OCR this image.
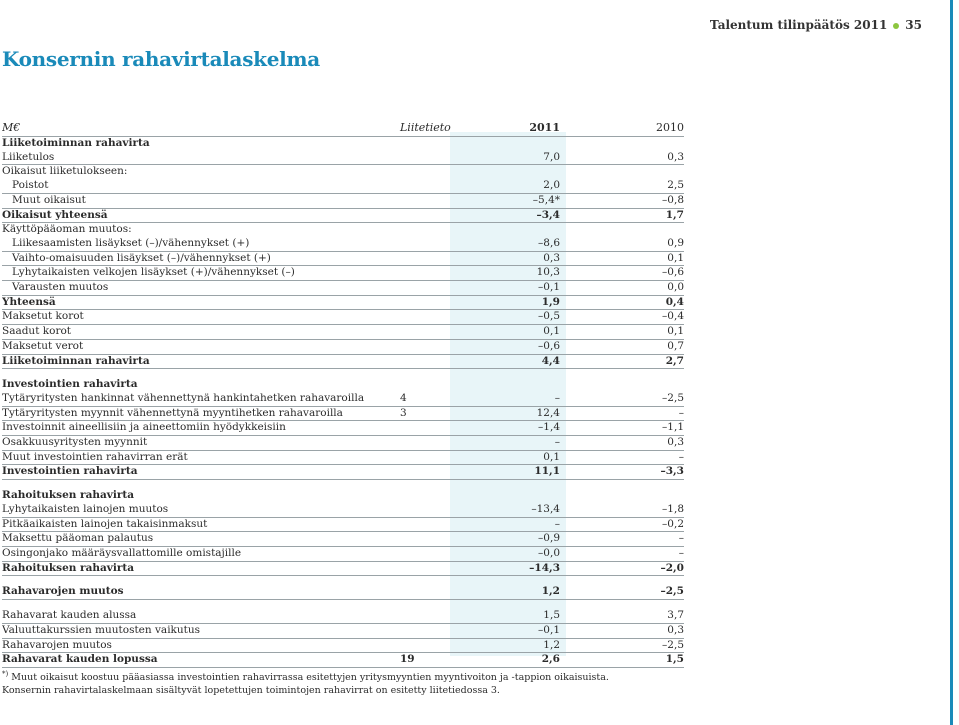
Talentum tilinpäätös 2011 35
Konsernin rahavirtalaskelma
M€	Liitetieto	2011	2010
Liiketoiminnan rahavirta			
Liiketulos		7,0	0,3
Oikaisut liiketulokseen:			
Poistot		2,0	2,5
Muut oikaisut		–5,4*	–0,8
Oikaisut yhteensä		–3,4	1,7
Käyttöpääoman muutos:			
Liikesaamisten lisäykset (–)/vähennykset (+)		–8,6	0,9
Vaihto-omaisuuden lisäykset (–)/vähennykset (+)		0,3	0,1
Lyhytaikaisten velkojen lisäykset (+)/vähennykset (–)		10,3	–0,6
Varausten muutos		–0,1	0,0
Yhteensä		1,9	0,4
Maksetut korot		–0,5	–0,4
Saadut korot		0,1	0,1
Maksetut verot		–0,6	0,7
Liiketoiminnan rahavirta		4,4	2,7

Investointien rahavirta			
Tytäryritysten hankinnat vähennettynä hankintahetken rahavaroilla	4	–	–2,5
Tytäryritysten myynnit vähennettynä myyntihetken rahavaroilla	3	12,4	–
Investoinnit aineellisiin ja aineettomiin hyödykkeisiin		–1,4	–1,1
Osakkuusyritysten myynnit		–	0,3
Muut investointien rahavirran erät		0,1	–
Investointien rahavirta		11,1	–3,3

Rahoituksen rahavirta			
Lyhytaikaisten lainojen muutos		–13,4	–1,8
Pitkäaikaisten lainojen takaisinmaksut		–	–0,2
Maksettu pääoman palautus		–0,9	–
Osingonjako määräysvallattomille omistajille		–0,0	–
Rahoituksen rahavirta		–14,3	–2,0

Rahavarojen muutos		1,2	–2,5

Rahavarat kauden alussa		1,5	3,7
Valuuttakurssien muutosten vaikutus		–0,1	0,3
Rahavarojen muutos		1,2	–2,5
Rahavarat kauden lopussa	19	2,6	1,5
*) Muut oikaisut koostuu pääasiassa investointien rahavirrassa esitettyjen yritysmyyntien myyntivoiton ja -tappion oikaisuista.
Konsernin rahavirtalaskelmaan sisältyvät lopetettujen toimintojen rahavirrat on esitetty liitetiedossa 3.
